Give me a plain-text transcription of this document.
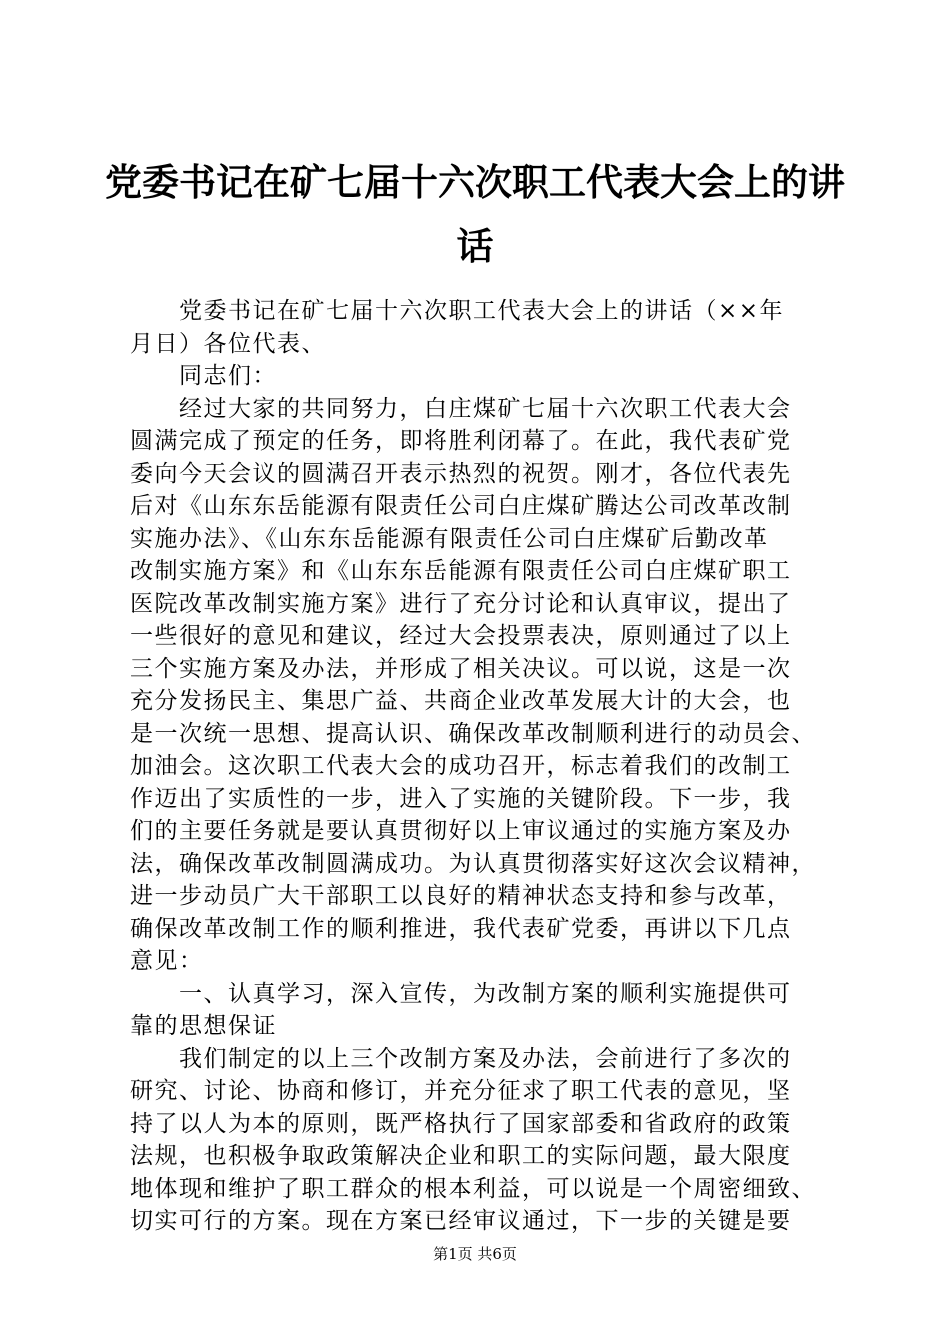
党委书记在矿七届十六次职工代表大会上的讲
话
　　党委书记在矿七届十六次职工代表大会上的讲话（××年
月日）各位代表、
　　同志们：
　　经过大家的共同努力，白庄煤矿七届十六次职工代表大会
圆满完成了预定的任务，即将胜利闭幕了。在此，我代表矿党
委向今天会议的圆满召开表示热烈的祝贺。刚才，各位代表先
后对《山东东岳能源有限责任公司白庄煤矿腾达公司改革改制
实施办法》、《山东东岳能源有限责任公司白庄煤矿后勤改革
改制实施方案》和《山东东岳能源有限责任公司白庄煤矿职工
医院改革改制实施方案》进行了充分讨论和认真审议，提出了
一些很好的意见和建议，经过大会投票表决，原则通过了以上
三个实施方案及办法，并形成了相关决议。可以说，这是一次
充分发扬民主、集思广益、共商企业改革发展大计的大会，也
是一次统一思想、提高认识、确保改革改制顺利进行的动员会、
加油会。这次职工代表大会的成功召开，标志着我们的改制工
作迈出了实质性的一步，进入了实施的关键阶段。下一步，我
们的主要任务就是要认真贯彻好以上审议通过的实施方案及办
法，确保改革改制圆满成功。为认真贯彻落实好这次会议精神，
进一步动员广大干部职工以良好的精神状态支持和参与改革，
确保改革改制工作的顺利推进，我代表矿党委，再讲以下几点
意见：
　　一、认真学习，深入宣传，为改制方案的顺利实施提供可
靠的思想保证
　　我们制定的以上三个改制方案及办法，会前进行了多次的
研究、讨论、协商和修订，并充分征求了职工代表的意见，坚
持了以人为本的原则，既严格执行了国家部委和省政府的政策
法规，也积极争取政策解决企业和职工的实际问题，最大限度
地体现和维护了职工群众的根本利益，可以说是一个周密细致、
切实可行的方案。现在方案已经审议通过，下一步的关键是要
第1页 共6页
